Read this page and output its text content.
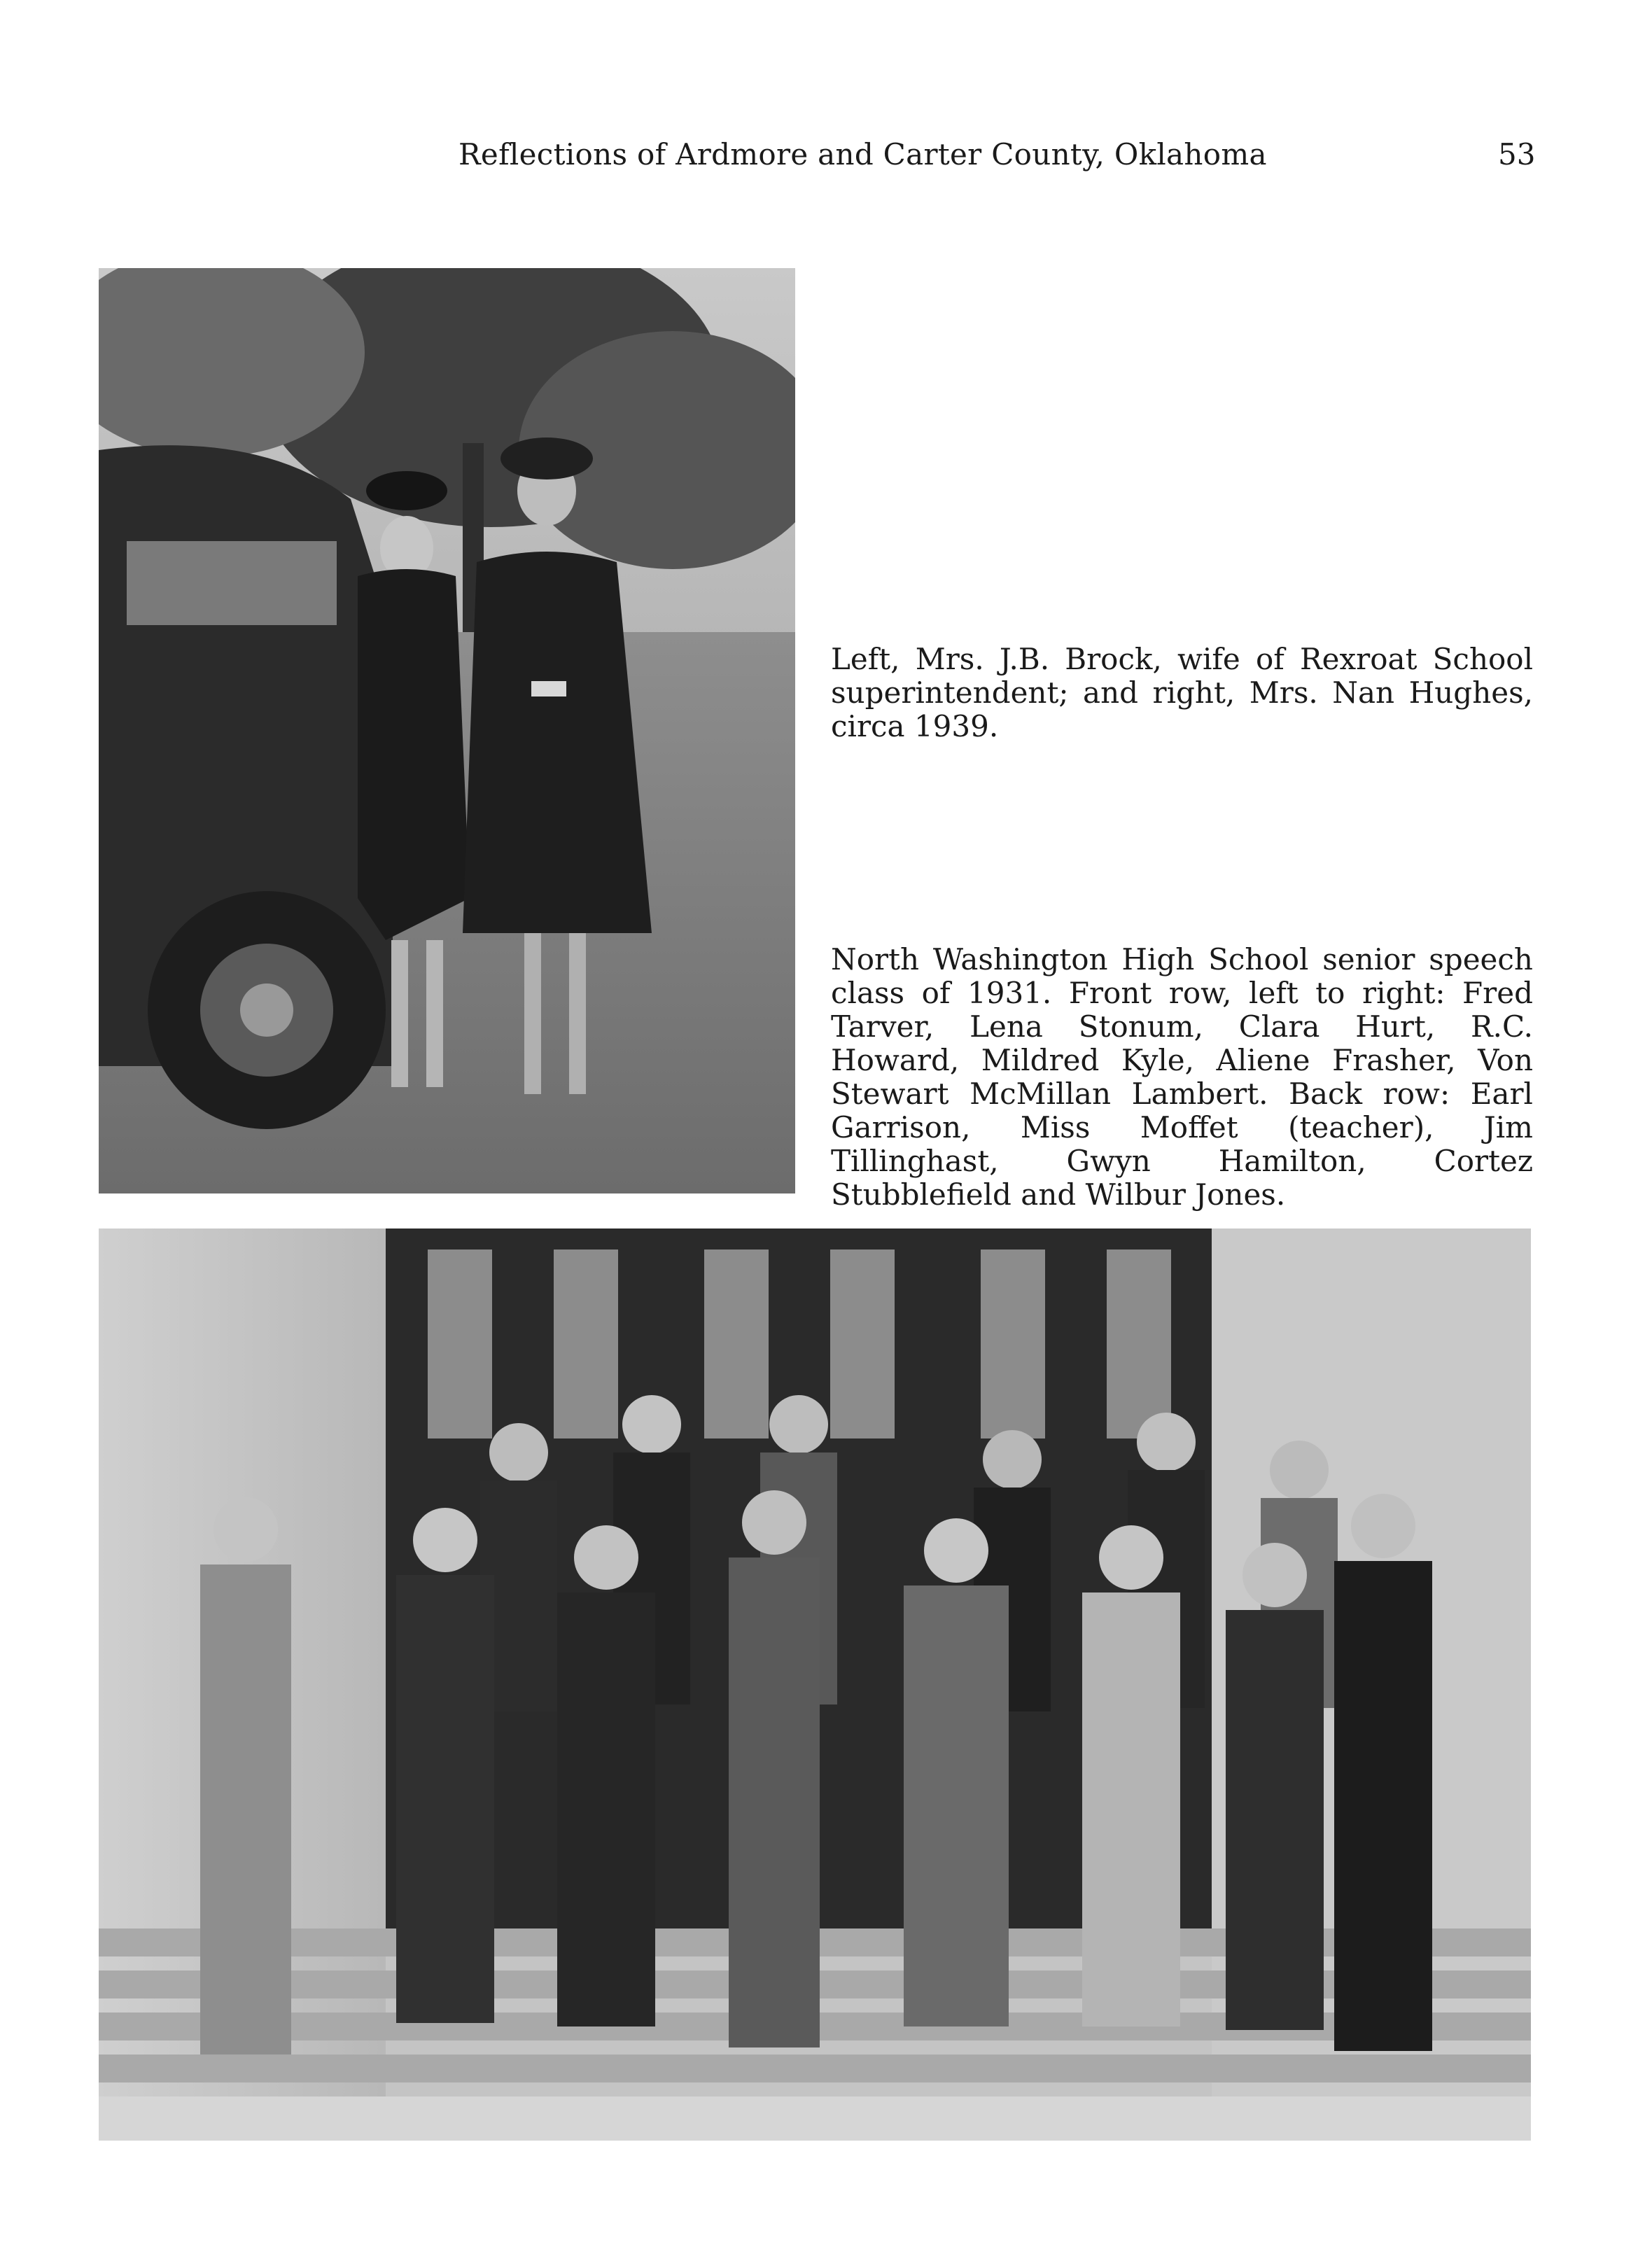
Reflections of Ardmore and Carter County, Oklahoma	53
Left, Mrs. J.B. Brock, wife of Rexroat School superintendent; and right, Mrs. Nan Hughes, circa 1939.
North Washington High School senior speech class of 1931. Front row, left to right: Fred Tarver, Lena Stonum, Clara Hurt, R.C. Howard, Mildred Kyle, Aliene Frasher, Von Stewart McMillan Lambert. Back row: Earl Garrison, Miss Moffet (teacher), Jim Tillinghast, Gwyn Hamilton, Cortez Stubblefield and Wilbur Jones.
